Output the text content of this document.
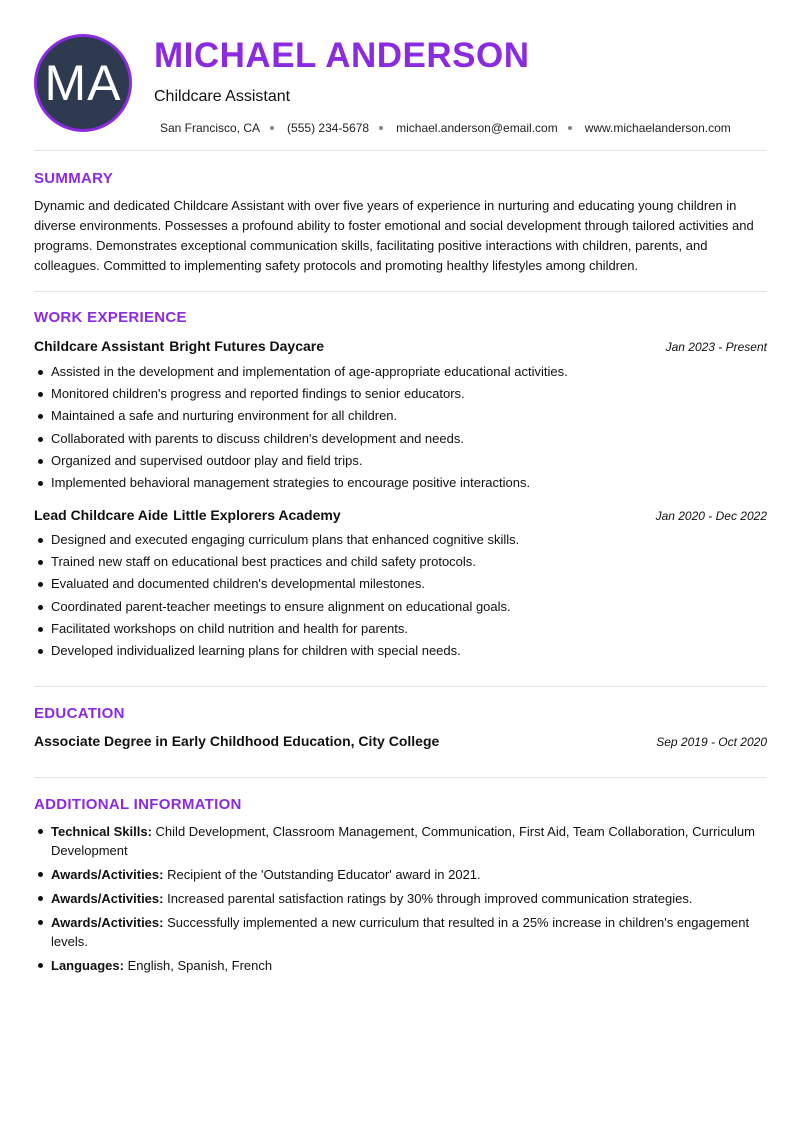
MA MICHAEL ANDERSON
Childcare Assistant
San Francisco, CA (555) 234-5678 michael.anderson@email.com www.michaelanderson.com
SUMMARY
Dynamic and dedicated Childcare Assistant with over five years of experience in nurturing and educating young children in diverse environments. Possesses a profound ability to foster emotional and social development through tailored activities and programs. Demonstrates exceptional communication skills, facilitating positive interactions with children, parents, and colleagues. Committed to implementing safety protocols and promoting healthy lifestyles among children.
WORK EXPERIENCE
Childcare Assistant Bright Futures Daycare	Jan 2023 - Present
Assisted in the development and implementation of age-appropriate educational activities.
Monitored children's progress and reported findings to senior educators.
Maintained a safe and nurturing environment for all children.
Collaborated with parents to discuss children's development and needs.
Organized and supervised outdoor play and field trips.
Implemented behavioral management strategies to encourage positive interactions.
Lead Childcare Aide Little Explorers Academy	Jan 2020 - Dec 2022
Designed and executed engaging curriculum plans that enhanced cognitive skills.
Trained new staff on educational best practices and child safety protocols.
Evaluated and documented children's developmental milestones.
Coordinated parent-teacher meetings to ensure alignment on educational goals.
Facilitated workshops on child nutrition and health for parents.
Developed individualized learning plans for children with special needs.
EDUCATION
Associate Degree in Early Childhood Education, City College	Sep 2019 - Oct 2020
ADDITIONAL INFORMATION
Technical Skills: Child Development, Classroom Management, Communication, First Aid, Team Collaboration, Curriculum Development
Awards/Activities: Recipient of the 'Outstanding Educator' award in 2021.
Awards/Activities: Increased parental satisfaction ratings by 30% through improved communication strategies.
Awards/Activities: Successfully implemented a new curriculum that resulted in a 25% increase in children's engagement levels.
Languages: English, Spanish, French
